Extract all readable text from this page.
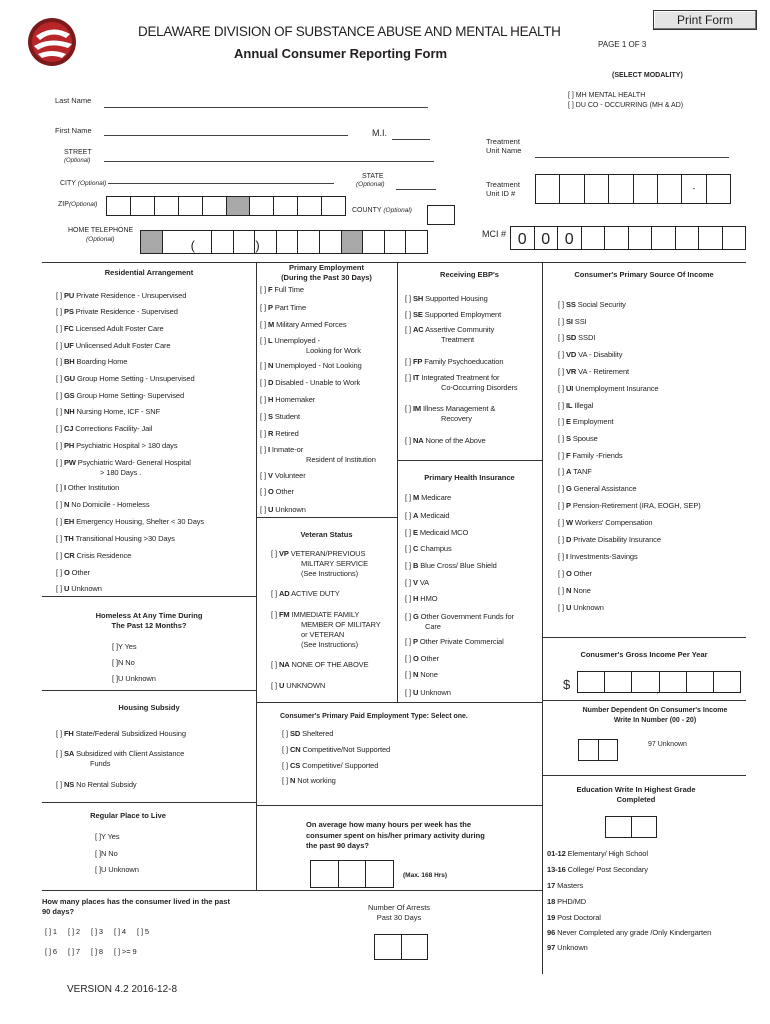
DELAWARE DIVISION OF SUBSTANCE ABUSE AND MENTAL HEALTH
Annual Consumer Reporting Form
Print Form
PAGE 1 OF 3
(SELECT MODALITY)
[ ] MH MENTAL HEALTH
[ ] DU CO - OCCURRING (MH & AD)
Last Name
First Name	M.I.
Treatment
Unit Name
STREET
(Optional)
STATE
(Optional)
CITY (Optional)	Treatment
Unit ID #
-
ZIP(Optional)
COUNTY (Optional)
HOME TELEPHONE
(Optional)	(	)
MCI # 0 0 0
Residential Arrangement
Homeless At Any Time During
The Past 12 Months?
Housing Subsidy
Regular Place to Live
How many places has the consumer lived in the past
90 days?
Primary Employment
(During the Past 30 Days)
Veteran Status
Receiving EBP's
Primary Health Insurance
Consumer's Primary Source Of Income
Conusmer's Gross Income Per Year
$	,
Number Dependent On Consumer's Income
Write In Number (00 - 20)
97 Unknown
Education Write In Highest Grade
Completed
Consumer's Primary Paid Employment Type: Select one.
On average how many hours per week has the
consumer spent on his/her primary activity during
the past 90 days?
(Max. 168 Hrs)
Number Of Arrests
Past 30 Days
VERSION 4.2 2016-12-8
[ ] PU Private Residence - Unsupervised
[ ] PS Private Residence - Supervised
[ ] FC Licensed Adult Foster Care
[ ] UF Unlicensed Adult Foster Care
[ ] BH Boarding Home
[ ] GU Group Home Setting - Unsupervised
[ ] GS Group Home Setting- Supervised
[ ] NH Nursing Home, ICF - SNF
[ ] CJ Corrections Facility- Jail
[ ] PH Psychiatric Hospital > 180 days
[ ] PW Psychiatric Ward- General Hospital
> 180 Days .
[ ] I Other Institution
[ ] N No Domicile - Homeless
[ ] EH Emergency Housing, Shelter < 30 Days
[ ] TH Transitional Housing >30 Days
[ ] CR Crisis Residence
[ ] O Other
[ ] U Unknown
[ ]Y Yes
[ ]N No
[ ]U Unknown
[ ] FH State/Federal Subsidized Housing
[ ] SA Subsidized with Client Assistance
Funds
[ ] NS No Rental Subsidy
[ ]Y Yes
[ ]N No
[ ]U Unknown
[ ] 1 [ ] 2 [ ] 3 [ ] 4 [ ] 5
[ ] 6 [ ] 7 [ ] 8 [ ] >= 9
[ ] F Full Time
[ ] P Part Time
[ ] M Military Armed Forces
[ ] L Unemployed -
Looking for Work
[ ] N Unemployed - Not Looking
[ ] D Disabled - Unable to Work
[ ] H Homemaker
[ ] S Student
[ ] R Retired
[ ] I Inmate-or
Resident of Institution
[ ] V Volunteer
[ ] O Other
[ ] U Unknown
[ ] VP VETERAN/PREVIOUS
MILITARY SERVICE
(See Instructions)
[ ] AD ACTIVE DUTY
[ ] FM IMMEDIATE FAMILY
MEMBER OF MILITARY
or VETERAN
(See Instructions)
[ ] NA NONE OF THE ABOVE
[ ] U UNKNOWN
[ ] SH Supported Housing
[ ] SE Supported Employment
[ ] AC Assertive Community
Treatment
[ ] FP Family Psychoeducation
[ ] IT Integrated Treatment for
Co-Occurring Disorders
[ ] IM Illness Management &
Recovery
[ ] NA None of the Above
[ ] M Medicare
[ ] A Medicaid
[ ] E Medicaid MCO
[ ] C Champus
[ ] B Blue Cross/ Blue Shield
[ ] V VA
[ ] H HMO
[ ] G Other Government Funds for
Care
[ ] P Other Private Commercial
[ ] O Other
[ ] N None
[ ] U Unknown
[ ] SS Social Security
[ ] SI SSI
[ ] SD SSDI
[ ] VD VA - Disability
[ ] VR VA - Retirement
[ ] UI Unemployment Insurance
[ ] IL Illegal
[ ] E Employment
[ ] S Spouse
[ ] F Family -Friends
[ ] A TANF
[ ] G General Assistance
[ ] P Pension-Retirement (IRA, EOGH, SEP)
[ ] W Workers' Compensation
[ ] D Private Disability Insurance
[ ] I Investments-Savings
[ ] O Other
[ ] N None
[ ] U Unknown
[ ] SD Sheltered
[ ] CN Competitive/Not Supported
[ ] CS Competitive/ Supported
[ ] N Not working
01-12 Elementary/ High School
13-16 College/ Post Secondary
17 Masters
18 PHD/MD
19 Post Doctoral
96 Never Completed any grade /Only Kindergarten
97 Unknown
